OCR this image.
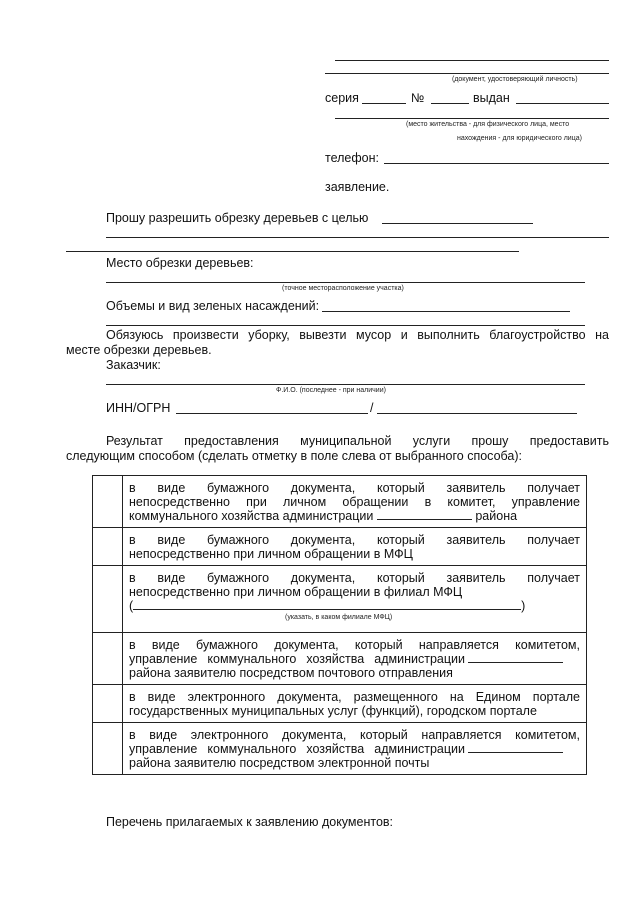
(документ, удостоверяющий личность)
серия	№	выдан
(место жительства - для физического лица, место
нахождения - для юридического лица)
телефон:
заявление.
Прошу разрешить обрезку деревьев с целью
Место обрезки деревьев:
(точное месторасположение участка)
Объемы и вид зеленых насаждений:
Обязуюсь произвести уборку, вывезти мусор и выполнить благоустройство на
месте обрезки деревьев.
Заказчик:
Ф.И.О. (последнее - при наличии)
ИНН/ОГРН	/
Результат предоставления муниципальной услуги прошу предоставить
следующим способом (сделать отметку в поле слева от выбранного способа):

	в виде бумажного документа, который заявитель получает
непосредственно при личном обращении в комитет, управление
коммунального хозяйства администрации района

	в виде бумажного документа, который заявитель получает
непосредственно при личном обращении в МФЦ

	в виде бумажного документа, который заявитель получает
непосредственно при личном обращении в филиал МФЦ
( )
(указать, в каком филиале МФЦ)

	в виде бумажного документа, который направляется комитетом,
управление коммунального хозяйства администрации
района заявителю посредством почтового отправления

	в виде электронного документа, размещенного на Едином портале
государственных муниципальных услуг (функций), городском портале

	в виде электронного документа, который направляется комитетом,
управление коммунального хозяйства администрации
района заявителю посредством электронной почты
Перечень прилагаемых к заявлению документов:
